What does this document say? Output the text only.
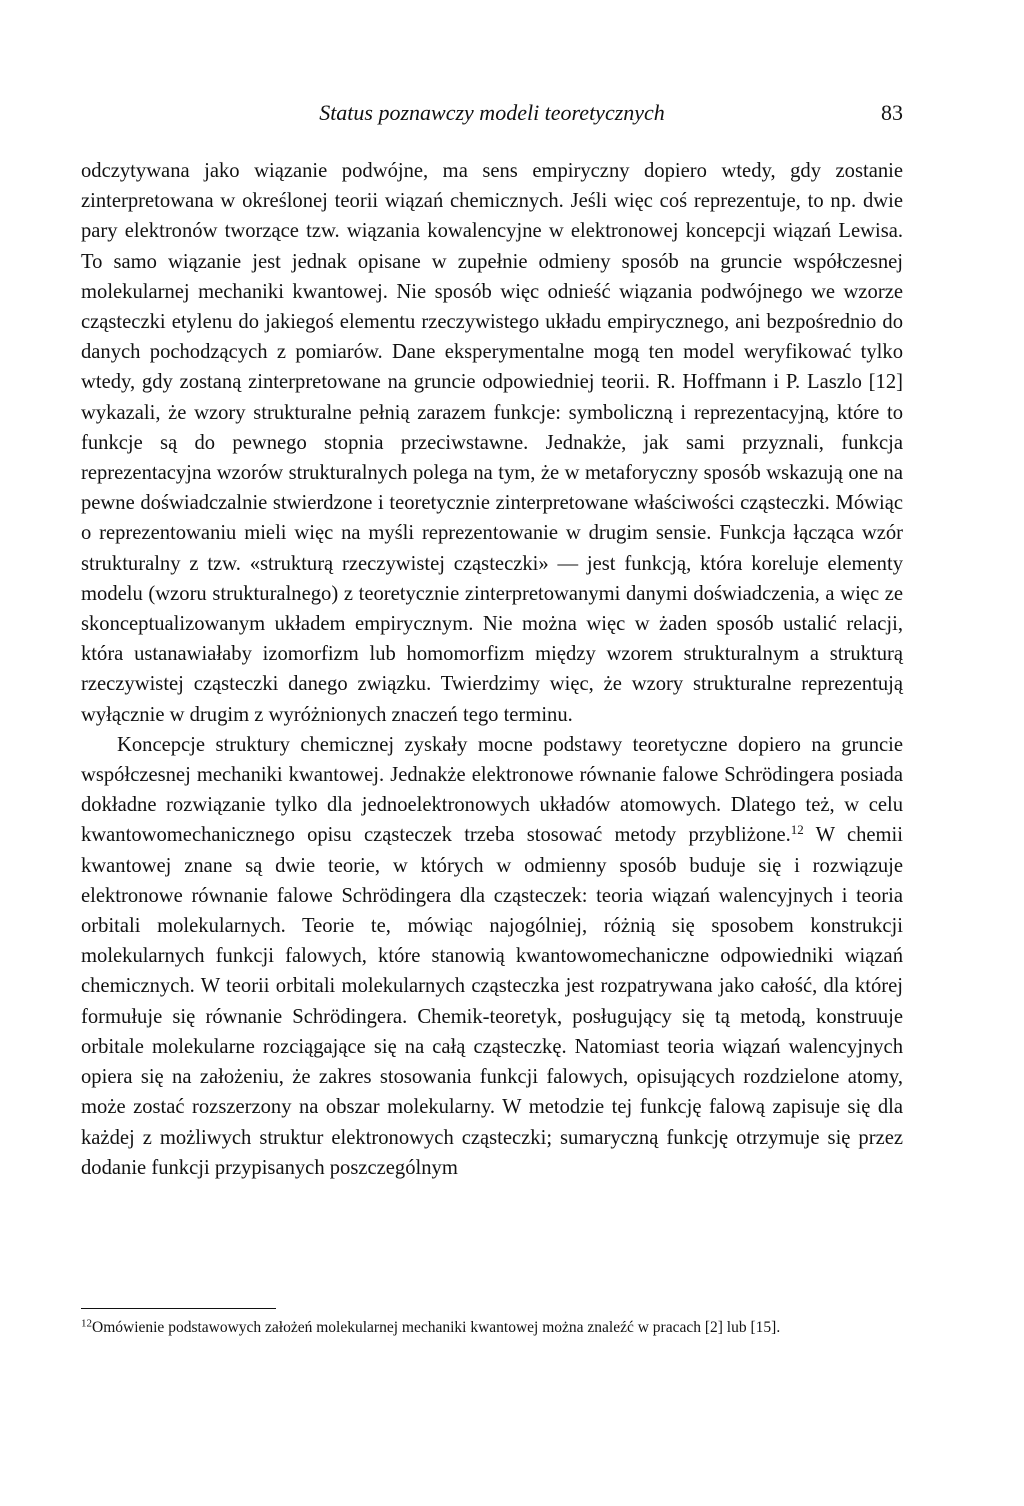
Status poznawczy modeli teoretycznych	83

odczytywana jako wiązanie podwójne, ma sens empiryczny dopiero wtedy, gdy zostanie zinterpretowana w określonej teorii wiązań chemicznych. Jeśli więc coś reprezentuje, to np. dwie pary elektronów tworzące tzw. wiązania kowalencyjne w elektronowej koncepcji wiązań Lewisa. To samo wiązanie jest jednak opisane w zupełnie odmieny sposób na gruncie współczesnej molekularnej mechaniki kwantowej. Nie sposób więc odnieść wiązania podwójnego we wzorze cząsteczki etylenu do jakiegoś elementu rzeczywistego układu empirycznego, ani bezpośrednio do danych pochodzących z pomiarów. Dane eksperymentalne mogą ten model weryfikować tylko wtedy, gdy zostaną zinterpretowane na gruncie odpowiedniej teorii. R. Hoffmann i P. Laszlo [12] wykazali, że wzory strukturalne pełnią zarazem funkcje: symboliczną i reprezentacyjną, które to funkcje są do pewnego stopnia przeciwstawne. Jednakże, jak sami przyznali, funkcja reprezentacyjna wzorów strukturalnych polega na tym, że w metaforyczny sposób wskazują one na pewne doświadczalnie stwierdzone i teoretycznie zinterpretowane właściwości cząsteczki. Mówiąc o reprezentowaniu mieli więc na myśli reprezentowanie w drugim sensie. Funkcja łącząca wzór strukturalny z tzw. «strukturą rzeczywistej cząsteczki» — jest funkcją, która koreluje elementy modelu (wzoru strukturalnego) z teoretycznie zinterpretowanymi danymi doświadczenia, a więc ze skonceptualizowanym układem empirycznym. Nie można więc w żaden sposób ustalić relacji, która ustanawiałaby izomorfizm lub homomorfizm między wzorem strukturalnym a strukturą rzeczywistej cząsteczki danego związku. Twierdzimy więc, że wzory strukturalne reprezentują wyłącznie w drugim z wyróżnionych znaczeń tego terminu.

Koncepcje struktury chemicznej zyskały mocne podstawy teoretyczne dopiero na gruncie współczesnej mechaniki kwantowej. Jednakże elektronowe równanie falowe Schrödingera posiada dokładne rozwiązanie tylko dla jednoelektronowych układów atomowych. Dlatego też, w celu kwantowomechanicznego opisu cząsteczek trzeba stosować metody przybliżone.$^{12}$ W chemii kwantowej znane są dwie teorie, w których w odmienny sposób buduje się i rozwiązuje elektronowe równanie falowe Schrödingera dla cząsteczek: teoria wiązań walencyjnych i teoria orbitali molekularnych. Teorie te, mówiąc najogólniej, różnią się sposobem konstrukcji molekularnych funkcji falowych, które stanowią kwantowomechaniczne odpowiedniki wiązań chemicznych. W teorii orbitali molekularnych cząsteczka jest rozpatrywana jako całość, dla której formułuje się równanie Schrödingera. Chemik-teoretyk, posługujący się tą metodą, konstruuje orbitale molekularne rozciągające się na całą cząsteczkę. Natomiast teoria wiązań walencyjnych opiera się na założeniu, że zakres stosowania funkcji falowych, opisujących rozdzielone atomy, może zostać rozszerzony na obszar molekularny. W metodzie tej funkcję falową zapisuje się dla każdej z możliwych struktur elektronowych cząsteczki; sumaryczną funkcję otrzymuje się przez dodanie funkcji przypisanych poszczególnym

$^{12}$Omówienie podstawowych założeń molekularnej mechaniki kwantowej można znaleźć w pracach [2] lub [15].
